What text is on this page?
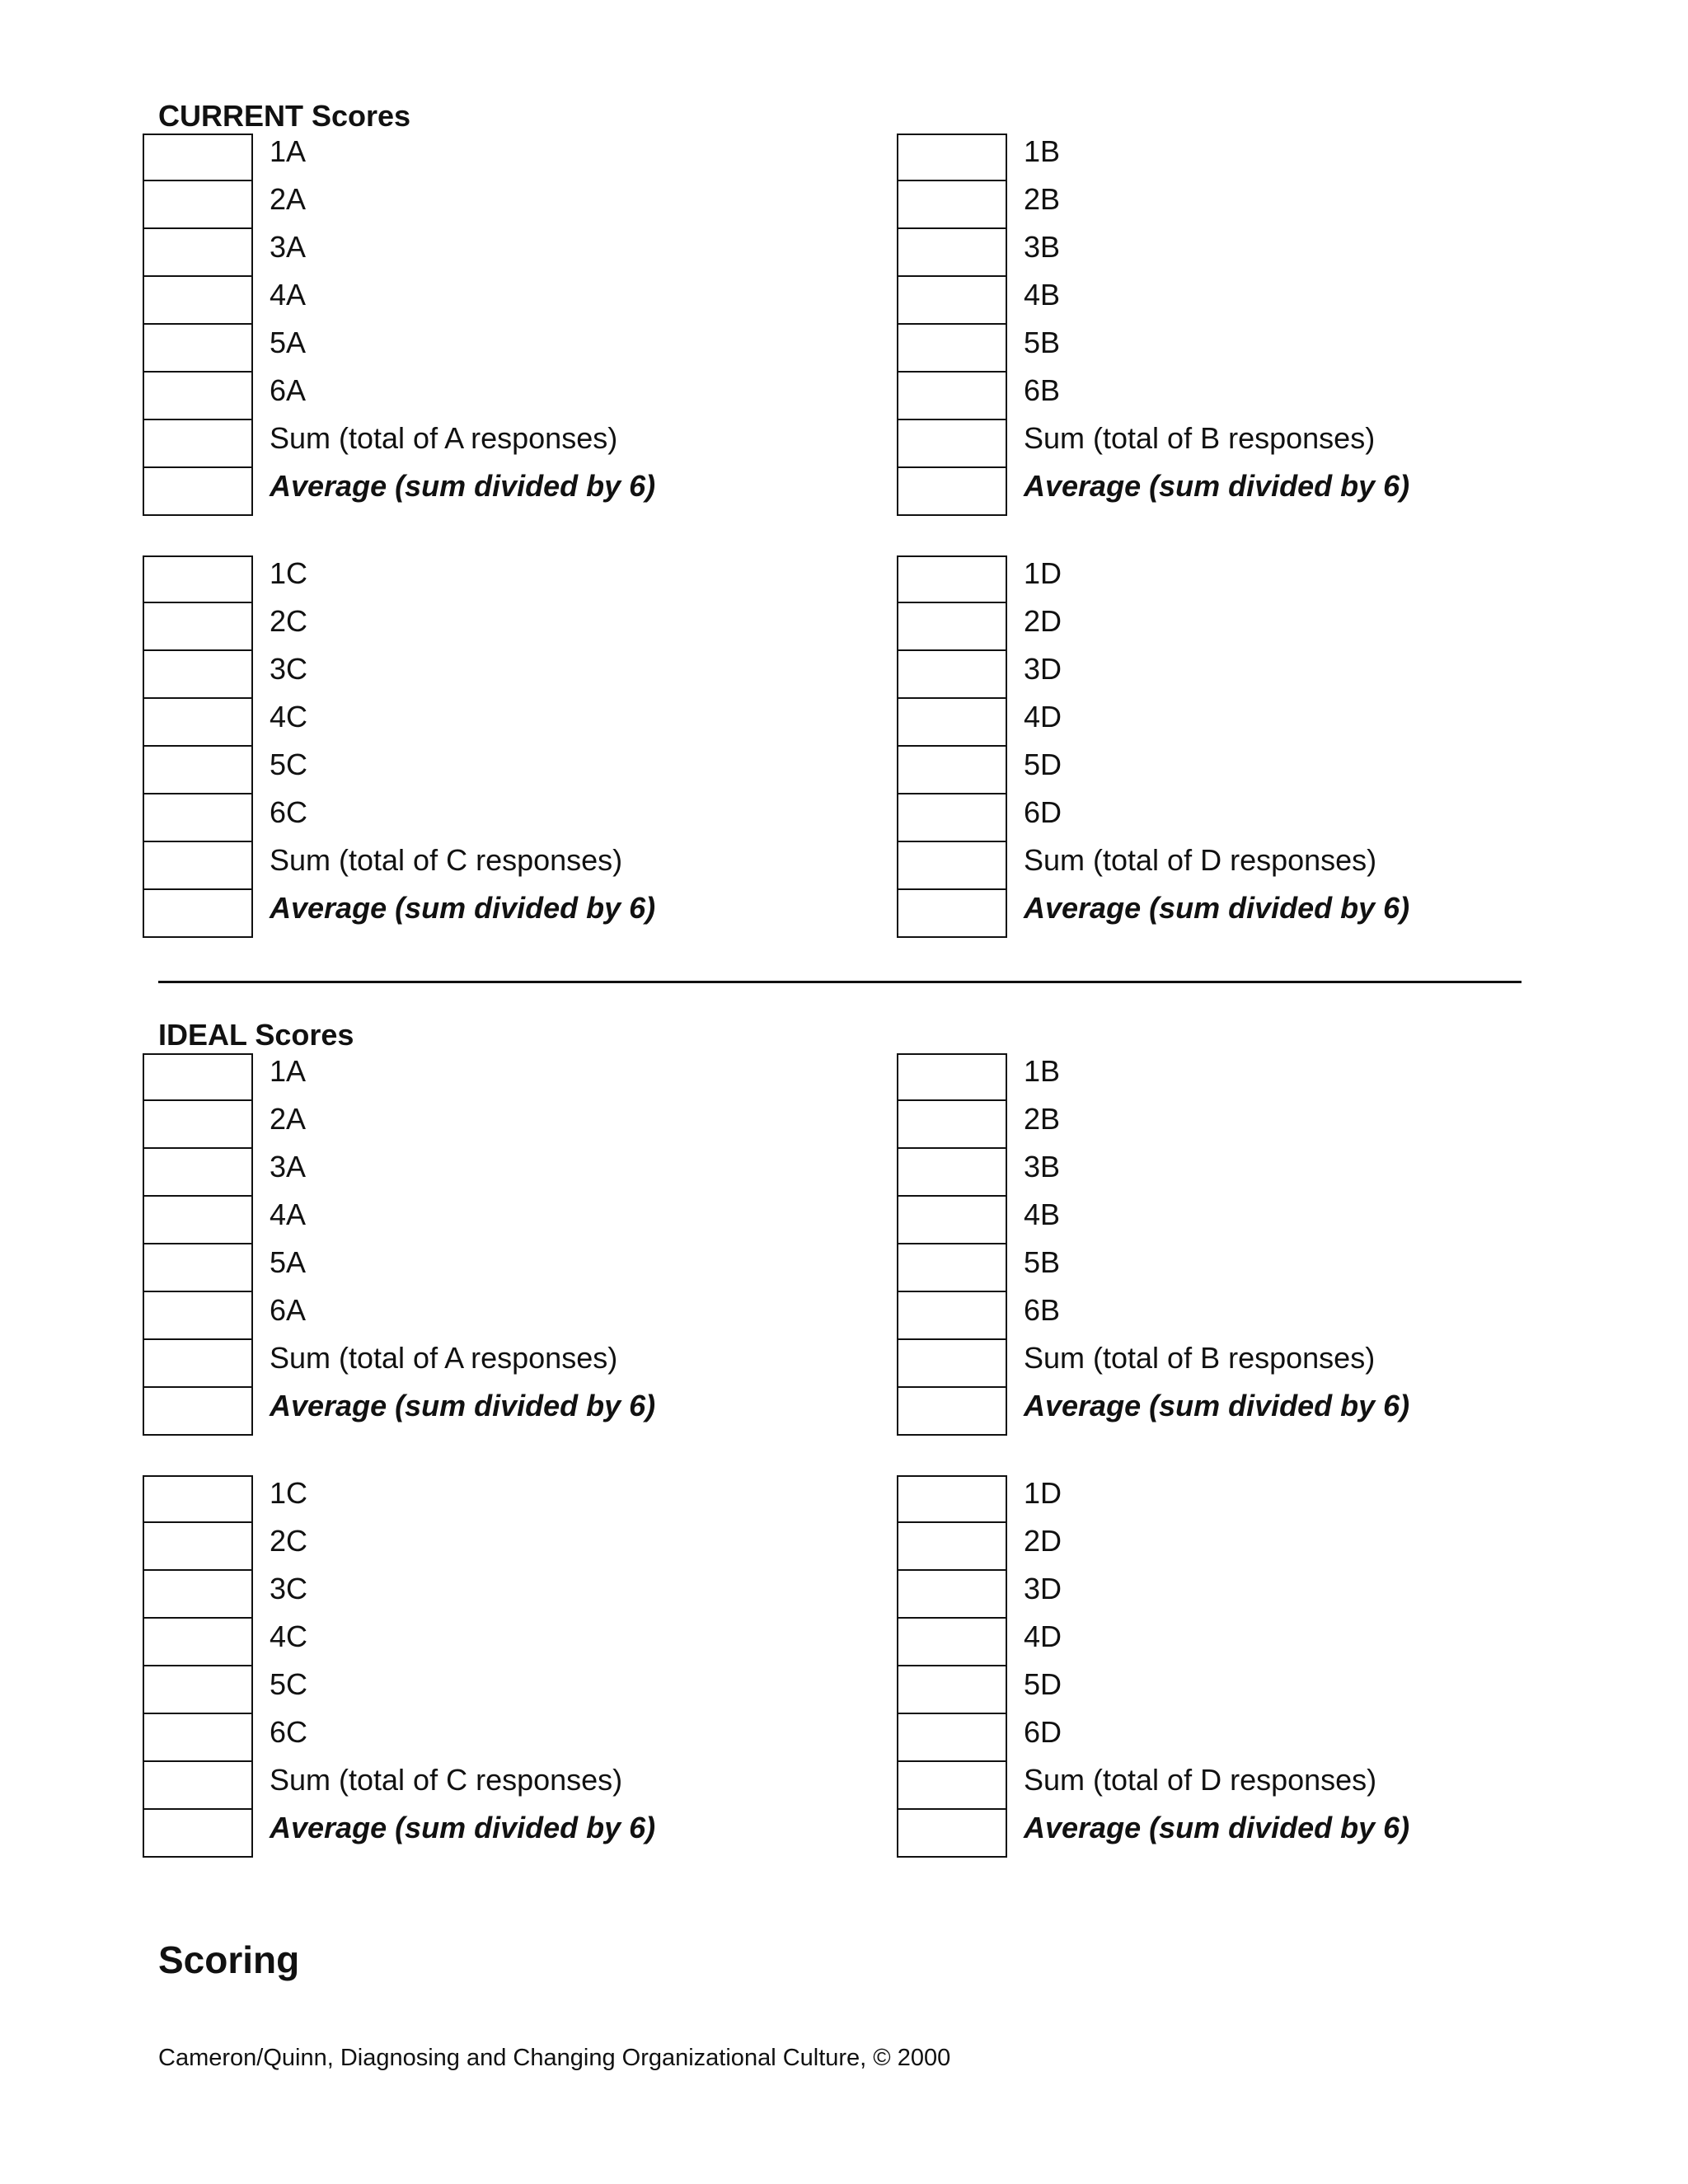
CURRENT Scores
1A
2A
3A
4A
5A
6A
Sum (total of A responses)
Average (sum divided by 6)
1B
2B
3B
4B
5B
6B
Sum (total of B responses)
Average (sum divided by 6)
1C
2C
3C
4C
5C
6C
Sum (total of C responses)
Average (sum divided by 6)
1D
2D
3D
4D
5D
6D
Sum (total of D responses)
Average (sum divided by 6)
IDEAL Scores
1A
2A
3A
4A
5A
6A
Sum (total of A responses)
Average (sum divided by 6)
1B
2B
3B
4B
5B
6B
Sum (total of B responses)
Average (sum divided by 6)
1C
2C
3C
4C
5C
6C
Sum (total of C responses)
Average (sum divided by 6)
1D
2D
3D
4D
5D
6D
Sum (total of D responses)
Average (sum divided by 6)
Scoring
Cameron/Quinn, Diagnosing and Changing Organizational Culture, © 2000
